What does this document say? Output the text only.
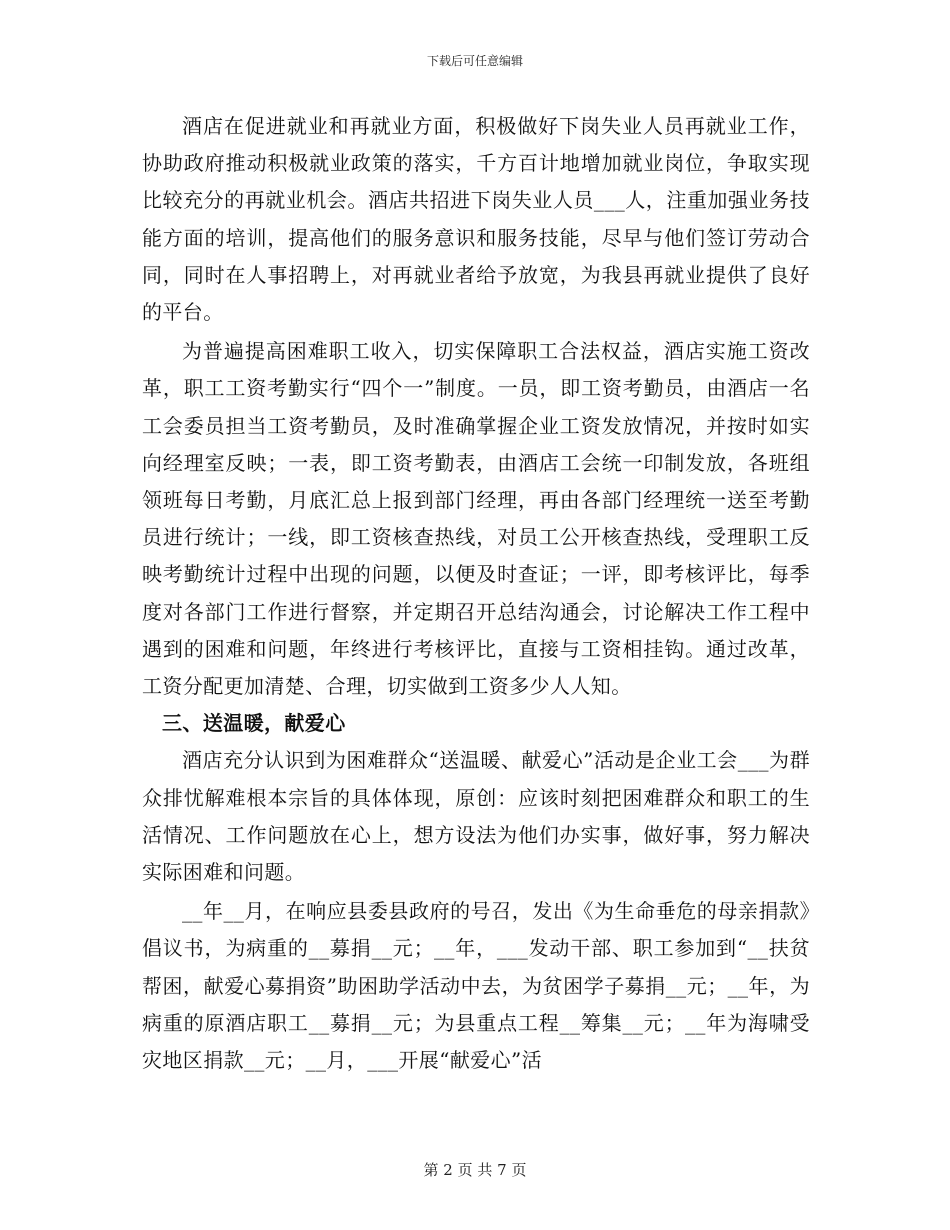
下载后可任意编辑

酒店在促进就业和再就业方面，积极做好下岗失业人员再就业工作，协助政府推动积极就业政策的落实，千方百计地增加就业岗位，争取实现比较充分的再就业机会。酒店共招进下岗失业人员___人，注重加强业务技能方面的培训，提高他们的服务意识和服务技能，尽早与他们签订劳动合同，同时在人事招聘上，对再就业者给予放宽，为我县再就业提供了良好的平台。

为普遍提高困难职工收入，切实保障职工合法权益，酒店实施工资改革，职工工资考勤实行“四个一”制度。一员，即工资考勤员，由酒店一名工会委员担当工资考勤员，及时准确掌握企业工资发放情况，并按时如实向经理室反映；一表，即工资考勤表，由酒店工会统一印制发放，各班组领班每日考勤，月底汇总上报到部门经理，再由各部门经理统一送至考勤员进行统计；一线，即工资核查热线，对员工公开核查热线，受理职工反映考勤统计过程中出现的问题，以便及时查证；一评，即考核评比，每季度对各部门工作进行督察，并定期召开总结沟通会，讨论解决工作工程中遇到的困难和问题，年终进行考核评比，直接与工资相挂钩。通过改革，工资分配更加清楚、合理，切实做到工资多少人人知。

三、送温暖，献爱心

酒店充分认识到为困难群众“送温暖、献爱心”活动是企业工会___为群众排忧解难根本宗旨的具体体现，原创：应该时刻把困难群众和职工的生活情况、工作问题放在心上，想方设法为他们办实事，做好事，努力解决实际困难和问题。

__年__月，在响应县委县政府的号召，发出《为生命垂危的母亲捐款》倡议书，为病重的__募捐__元；__年，___发动干部、职工参加到“__扶贫帮困，献爱心募捐资”助困助学活动中去，为贫困学子募捐__元；__年，为病重的原酒店职工__募捐__元；为县重点工程__筹集__元；__年为海啸受灾地区捐款__元；__月，___开展“献爱心”活

第 2 页 共 7 页
